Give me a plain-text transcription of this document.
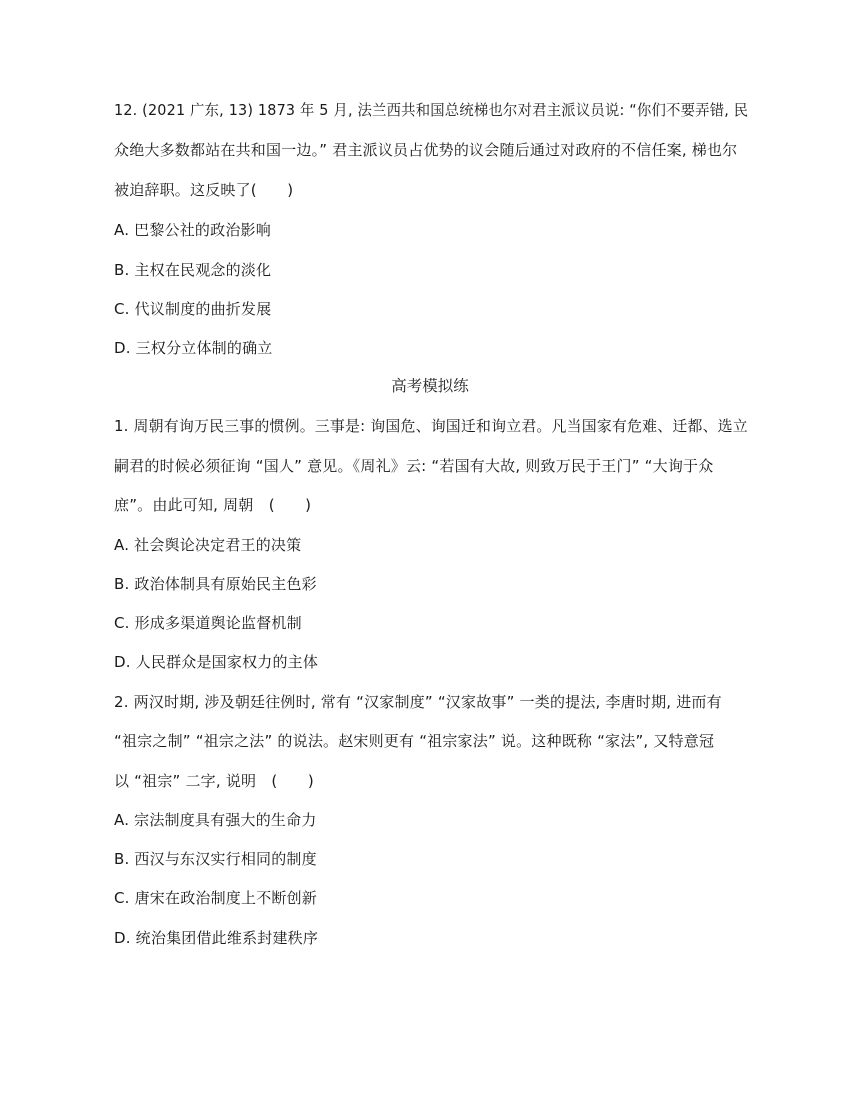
12. (2021 广东, 13) 1873 年 5 月, 法兰西共和国总统梯也尔对君主派议员说: “你们不要弄错, 民
众绝大多数都站在共和国一边。” 君主派议员占优势的议会随后通过对政府的不信任案, 梯也尔
被迫辞职。这反映了(　　)
A. 巴黎公社的政治影响
B. 主权在民观念的淡化
C. 代议制度的曲折发展
D. 三权分立体制的确立
高考模拟练
1. 周朝有询万民三事的惯例。三事是: 询国危、询国迁和询立君。凡当国家有危难、迁都、选立
嗣君的时候必须征询 “国人” 意见。《周礼》云: “若国有大故, 则致万民于王门” “大询于众
庶”。由此可知, 周朝　(　　)
A. 社会舆论决定君王的决策
B. 政治体制具有原始民主色彩
C. 形成多渠道舆论监督机制
D. 人民群众是国家权力的主体
2. 两汉时期, 涉及朝廷往例时, 常有 “汉家制度” “汉家故事” 一类的提法, 李唐时期, 进而有
“祖宗之制” “祖宗之法” 的说法。赵宋则更有 “祖宗家法” 说。这种既称 “家法”, 又特意冠
以 “祖宗” 二字, 说明　(　　)
A. 宗法制度具有强大的生命力
B. 西汉与东汉实行相同的制度
C. 唐宋在政治制度上不断创新
D. 统治集团借此维系封建秩序
